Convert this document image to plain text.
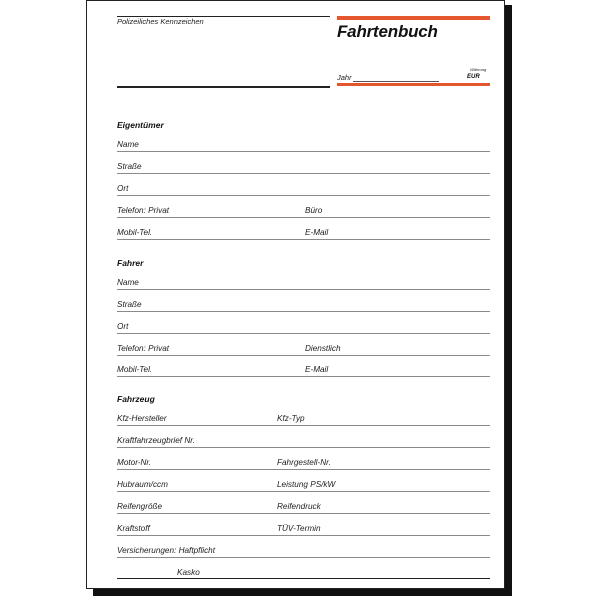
Polizeiliches Kennzeichen
Fahrtenbuch
Jahr
Währung
EUR
Eigentümer
Name
Straße
Ort
Telefon: Privat	Büro
Mobil-Tel.	E-Mail
Fahrer
Name
Straße
Ort
Telefon: Privat	Dienstlich
Mobil-Tel.	E-Mail
Fahrzeug
Kfz-Hersteller	Kfz-Typ
Kraftfahrzeugbrief Nr.
Motor-Nr.	Fahrgestell-Nr.
Hubraum/ccm	Leistung PS/kW
Reifengröße	Reifendruck
Kraftstoff	TÜV-Termin
Versicherungen: Haftpflicht
Kasko
